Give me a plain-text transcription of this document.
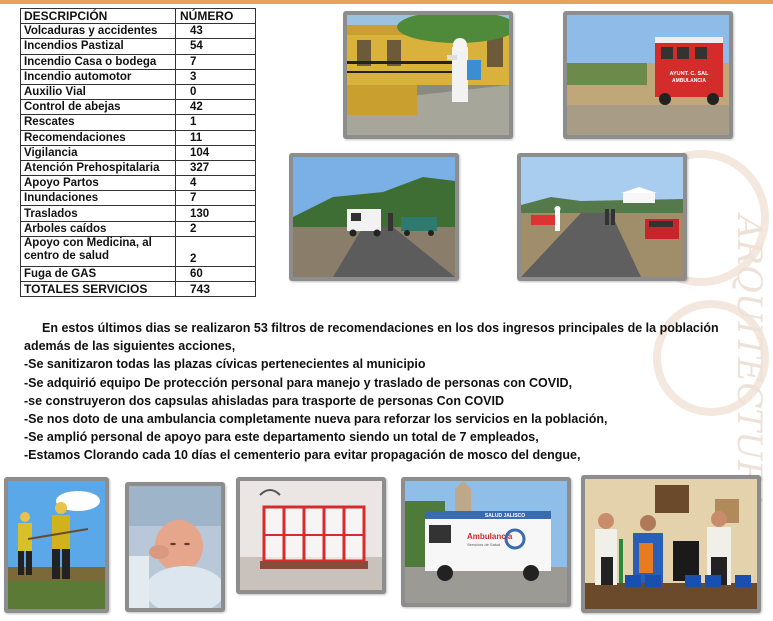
ARQUITECTURA
DESCRIPCIÓN	NÚMERO
Volcaduras y accidentes	43
Incendios Pastizal	54
Incendio Casa o bodega	7
Incendio automotor	3
Auxilio Vial	0
Control de abejas	42
Rescates	1
Recomendaciones	11
Vigilancia	104
Atención Prehospitalaria	327
Apoyo Partos	4
Inundaciones	7
Traslados	130
Arboles caídos	2
Apoyo con Medicina, al centro de salud	2
Fuga de GAS	60
TOTALES SERVICIOS	743
AYUNT. C. SAL
AMBULANCIA

En estos últimos dias se realizaron 53 filtros de recomendaciones en los dos ingresos principales de la población además de las siguientes acciones,

-Se sanitizaron todas las plazas cívicas pertenecientes al municipio

-Se adquirió equipo De protección personal para manejo y traslado de personas con COVID,

-se construyeron dos capsulas ahisladas para trasporte de personas Con COVID

-Se nos doto de una ambulancia completamente nueva para reforzar los servicios en la población,

-Se amplió personal de apoyo para este departamento siendo un total de 7 empleados,

-Estamos Clorando cada 10 días el cementerio para evitar propagación de mosco del dengue,

SALUD JALISCO
Ambulancia
Servicios de Salud
